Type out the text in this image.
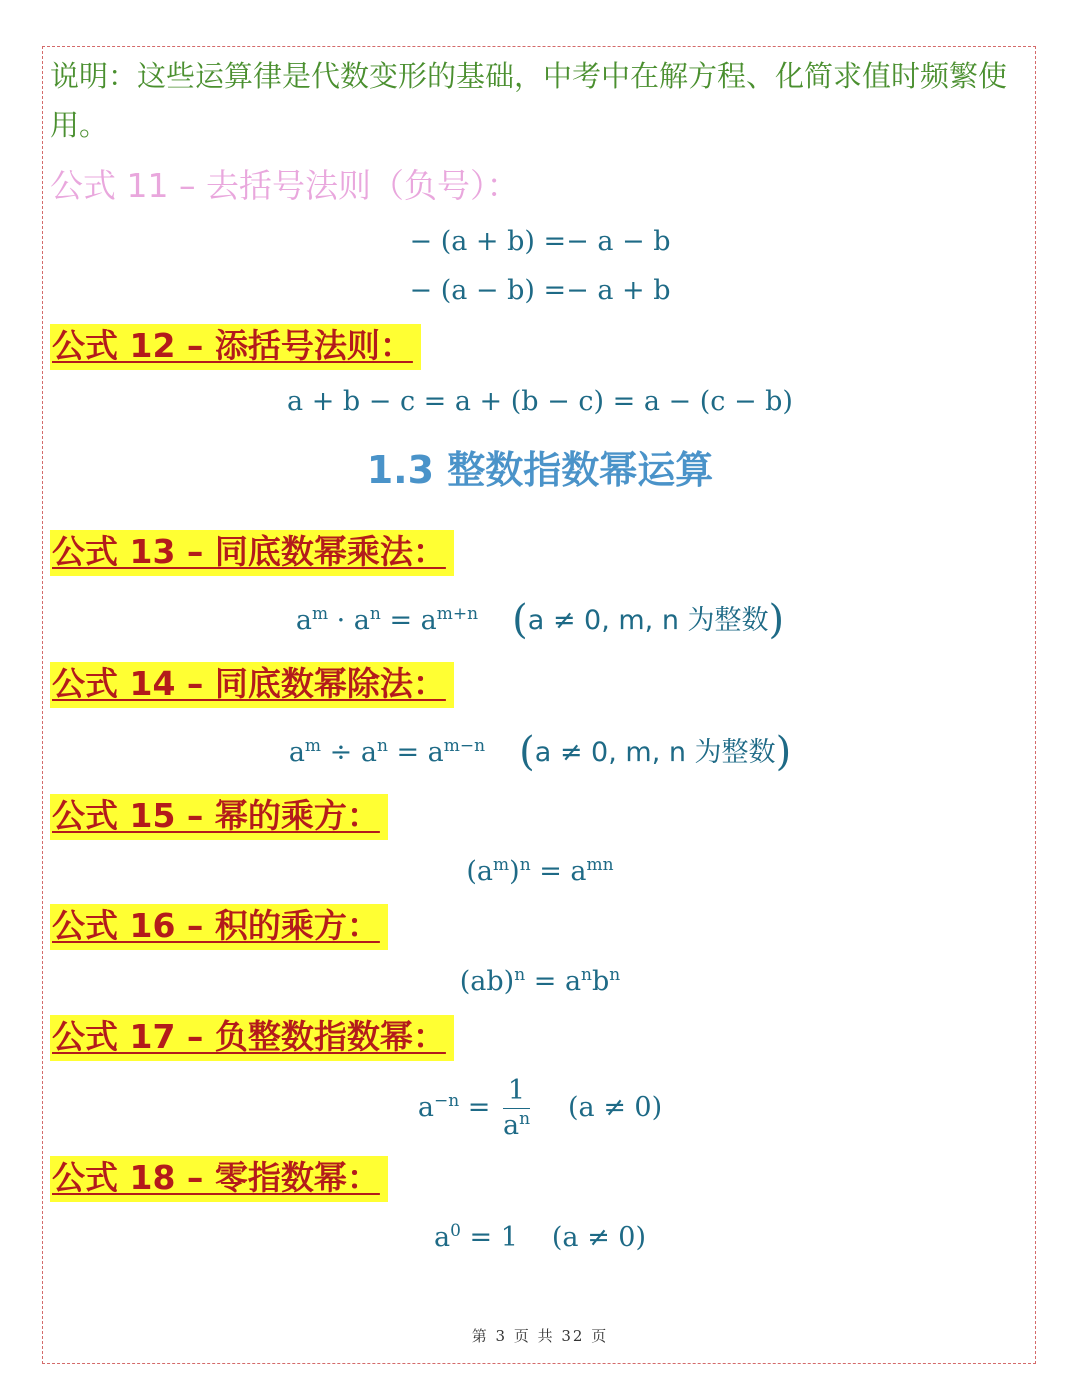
说明：这些运算律是代数变形的基础，中考中在解方程、化简求值时频繁使用。
公式 11 – 去括号法则（负号）：
− (a + b) =− a − b
− (a − b) =− a + b
公式 12 – 添括号法则：
a + b − c = a + (b − c) = a − (c − b)
1.3 整数指数幂运算
公式 13 – 同底数幂乘法：
$a^m \cdot a^n = a^{m+n}$ (a ≠ 0, m, n 为整数)
公式 14 – 同底数幂除法：
$a^m \div a^n = a^{m-n}$ (a ≠ 0, m, n 为整数)
公式 15 – 幂的乘方：
$(a^m)^n = a^{mn}$
公式 16 – 积的乘方：
$(ab)^n = a^nb^n$
公式 17 – 负整数指数幂：
$a^{-n} = \frac{1}{a^n} (a \ne 0)$
公式 18 – 零指数幂：
$a^0 = 1$ (a ≠ 0)
第 3 页 共 32 页
